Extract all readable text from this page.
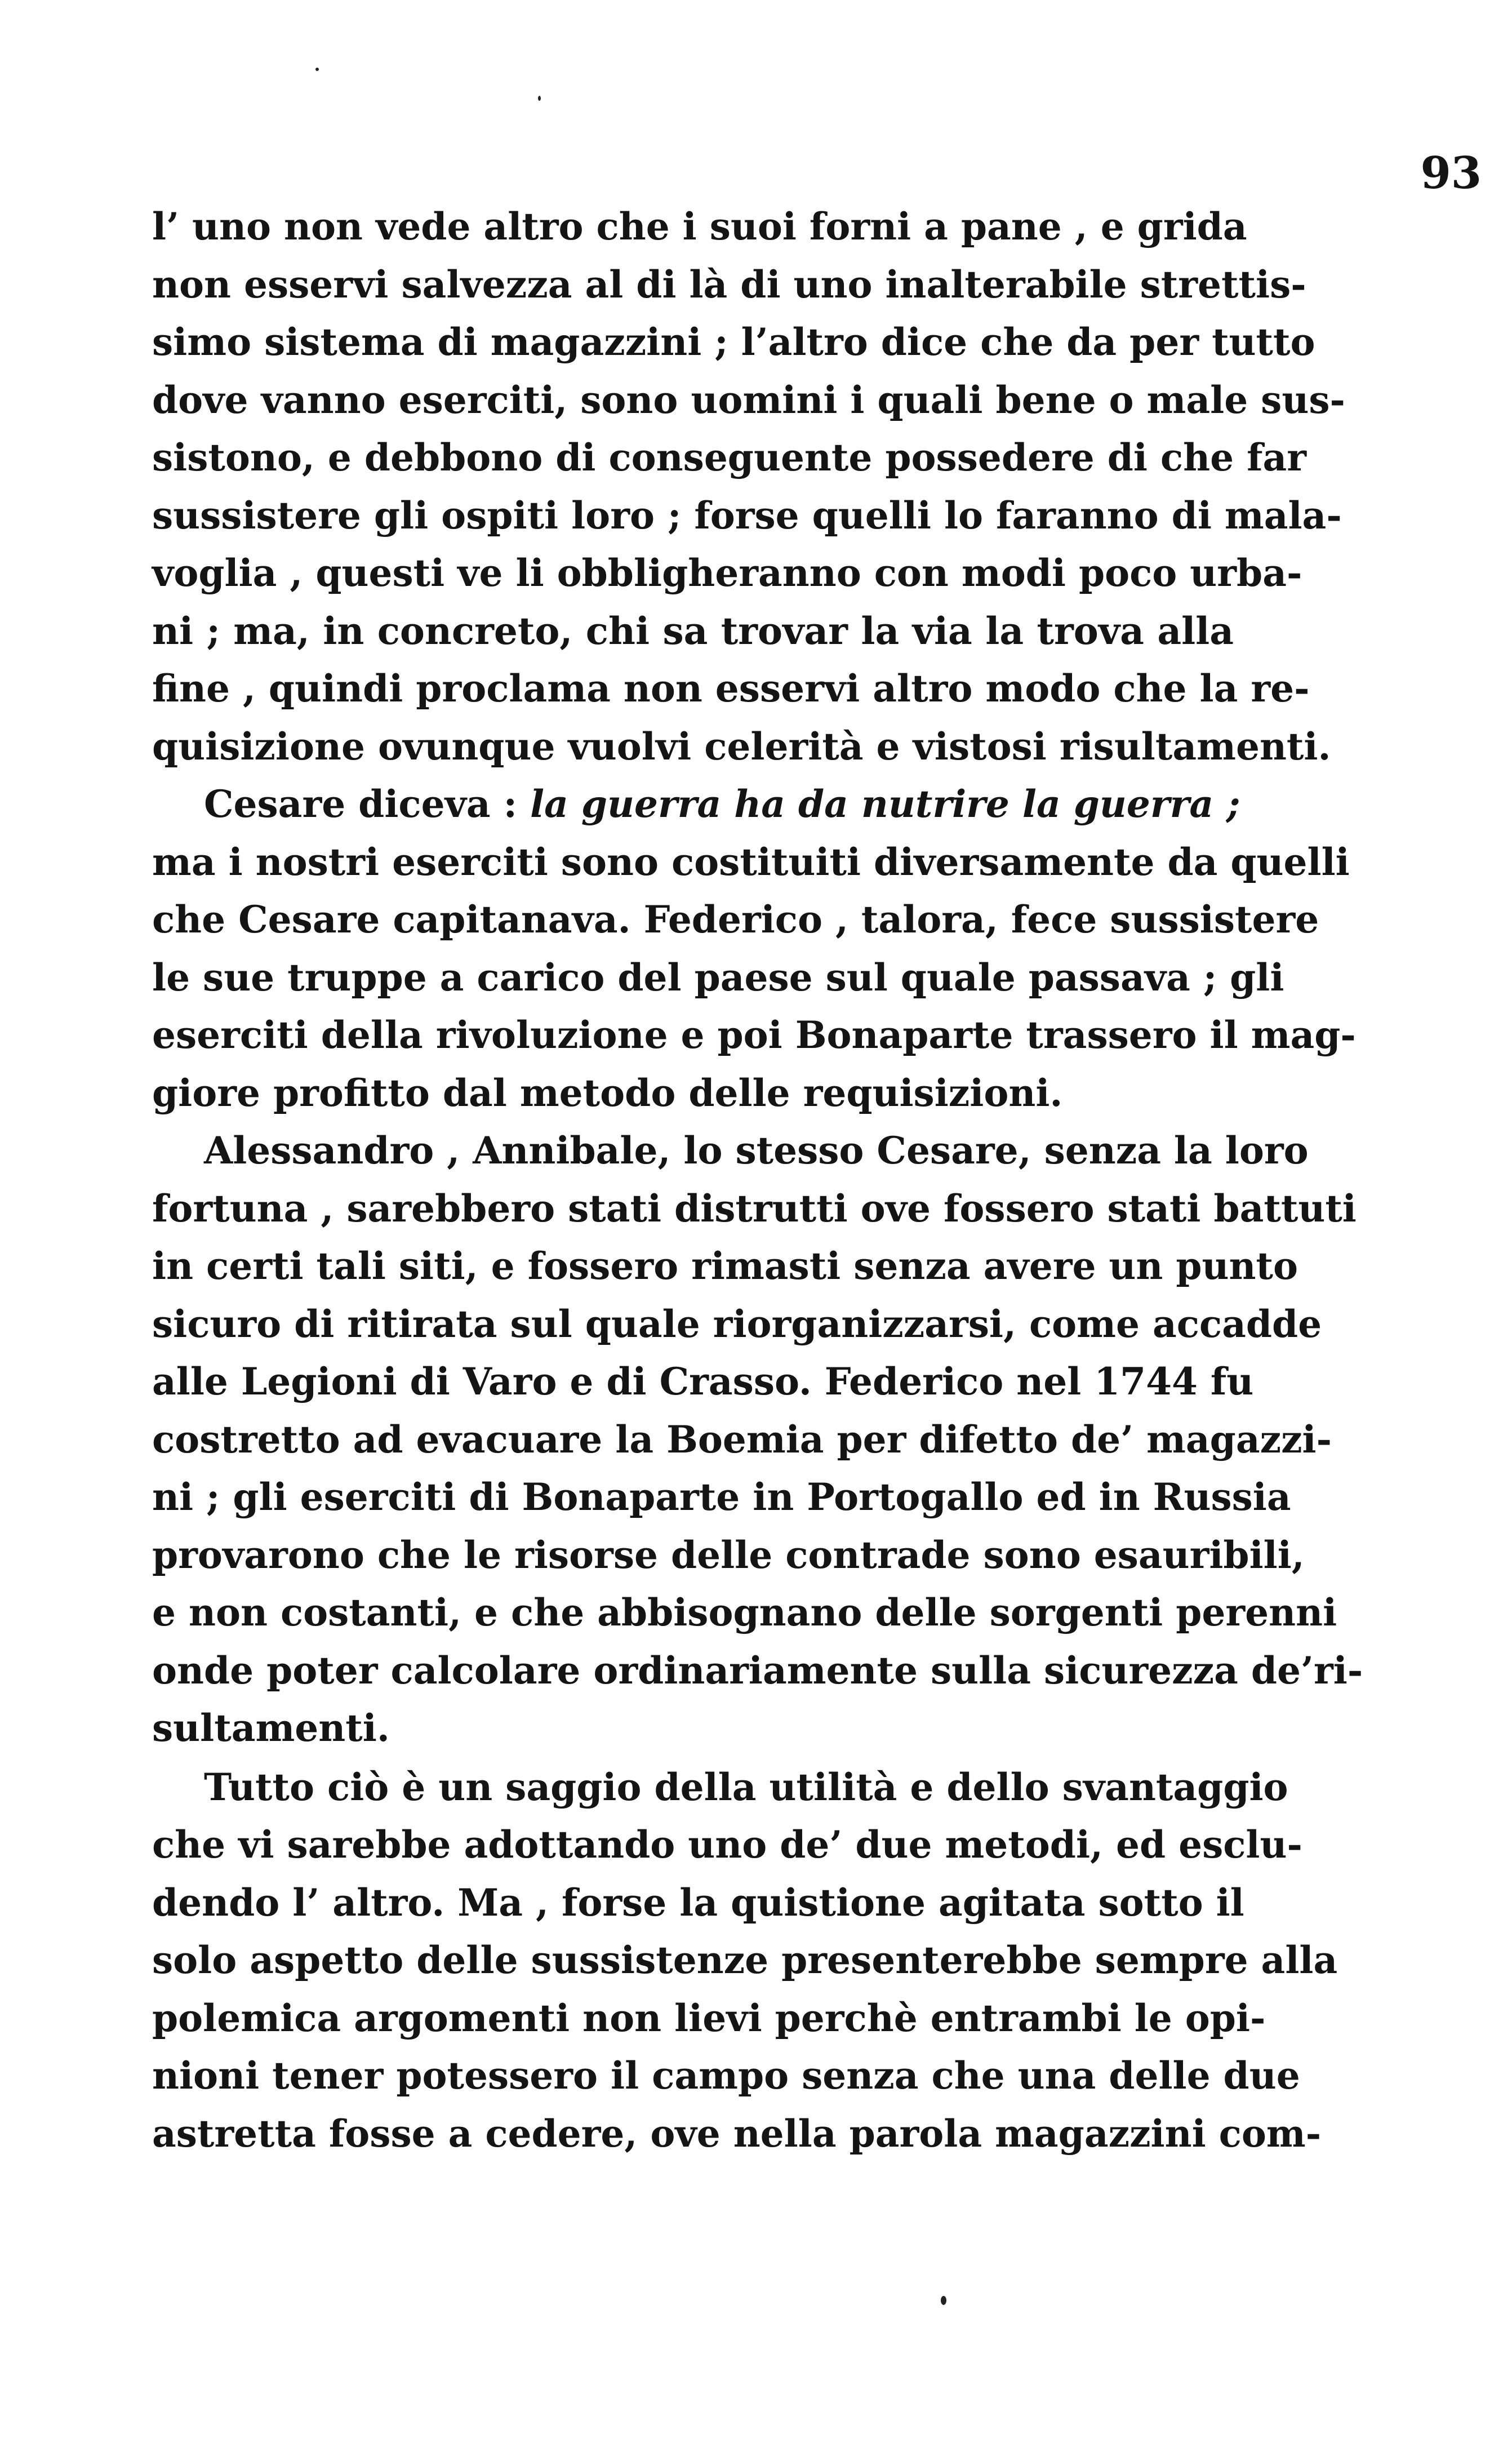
93
l’ uno non vede altro che i suoi forni a pane , e grida
non esservi salvezza al di là di uno inalterabile strettis-
simo sistema di magazzini ; l’altro dice che da per tutto
dove vanno eserciti, sono uomini i quali bene o male sus-
sistono, e debbono di conseguente possedere di che far
sussistere gli ospiti loro ; forse quelli lo faranno di mala-
voglia , questi ve li obbligheranno con modi poco urba-
ni ; ma, in concreto, chi sa trovar la via la trova alla
fine , quindi proclama non esservi altro modo che la re-
quisizione ovunque vuolvi celerità e vistosi risultamenti.
Cesare diceva : la guerra ha da nutrire la guerra ;
ma i nostri eserciti sono costituiti diversamente da quelli
che Cesare capitanava. Federico , talora, fece sussistere
le sue truppe a carico del paese sul quale passava ; gli
eserciti della rivoluzione e poi Bonaparte trassero il mag-
giore profitto dal metodo delle requisizioni.
Alessandro , Annibale, lo stesso Cesare, senza la loro
fortuna , sarebbero stati distrutti ove fossero stati battuti
in certi tali siti, e fossero rimasti senza avere un punto
sicuro di ritirata sul quale riorganizzarsi, come accadde
alle Legioni di Varo e di Crasso. Federico nel 1744 fu
costretto ad evacuare la Boemia per difetto de’ magazzi-
ni ; gli eserciti di Bonaparte in Portogallo ed in Russia
provarono che le risorse delle contrade sono esauribili,
e non costanti, e che abbisognano delle sorgenti perenni
onde poter calcolare ordinariamente sulla sicurezza de’ri-
sultamenti.
Tutto ciò è un saggio della utilità e dello svantaggio
che vi sarebbe adottando uno de’ due metodi, ed esclu-
dendo l’ altro. Ma , forse la quistione agitata sotto il
solo aspetto delle sussistenze presenterebbe sempre alla
polemica argomenti non lievi perchè entrambi le opi-
nioni tener potessero il campo senza che una delle due
astretta fosse a cedere, ove nella parola magazzini com-
